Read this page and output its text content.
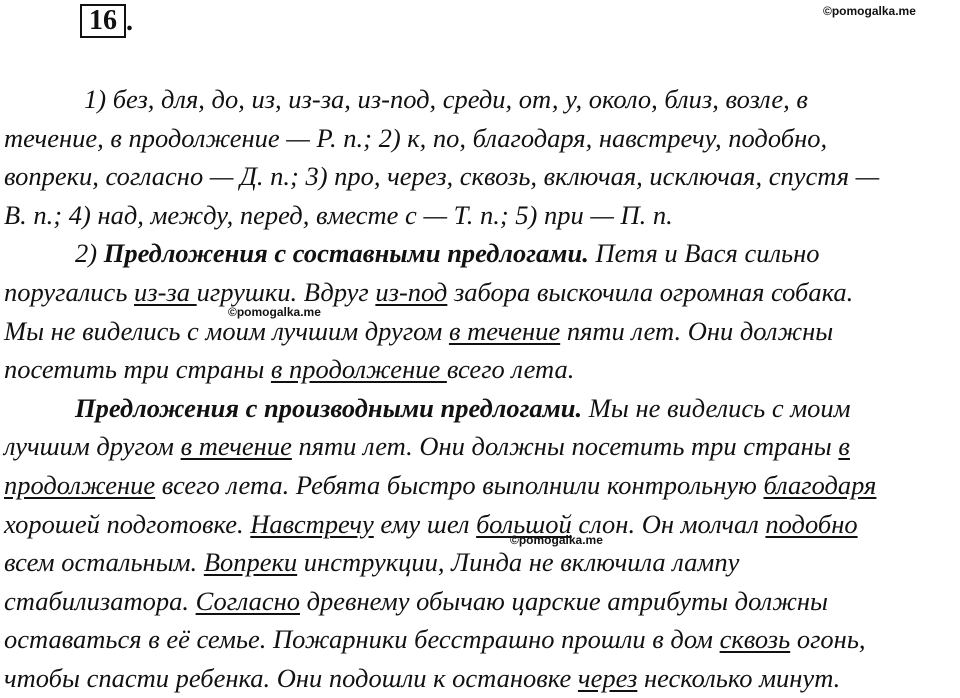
16 .	©pomogalka.me
©pomogalka.me
©pomogalka.me
1) без, для, до, из, из-за, из-под, среди, от, у, около, близ, возле, в
течение, в продолжение — Р. п.; 2) к, по, благодаря, навстречу, подобно,
вопреки, согласно — Д. п.; 3) про, через, сквозь, включая, исключая, спустя —
В. п.; 4) над, между, перед, вместе с — Т. п.; 5) при — П. п.
2) Предложения с составными предлогами. Петя и Вася сильно
поругались из-за игрушки. Вдруг из-под забора выскочила огромная собака.
Мы не виделись с моим лучшим другом в течение пяти лет. Они должны
посетить три страны в продолжение всего лета.
Предложения с производными предлогами. Мы не виделись с моим
лучшим другом в течение пяти лет. Они должны посетить три страны в
продолжение всего лета. Ребята быстро выполнили контрольную благодаря
хорошей подготовке. Навстречу ему шел большой слон. Он молчал подобно
всем остальным. Вопреки инструкции, Линда не включила лампу
стабилизатора. Согласно древнему обычаю царские атрибуты должны
оставаться в её семье. Пожарники бесстрашно прошли в дом сквозь огонь,
чтобы спасти ребенка. Они подошли к остановке через несколько минут.
